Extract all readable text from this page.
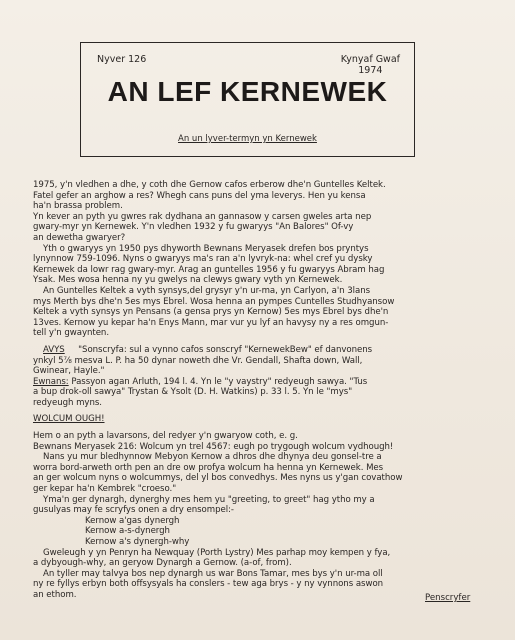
Nyver 126	Kynyaf Gwaf
1974
AN LEF KERNEWEK
An un lyver-termyn yn Kernewek
1975, y'n vledhen a dhe, y coth dhe Gernow cafos erberow dhe'n Guntelles Keltek.
Fatel gefer an arghow a res? Whegh cans puns del yma leverys. Hen yu kensa
ha'n brassa problem.
Yn kever an pyth yu gwres rak dydhana an gannasow y carsen gweles arta nep
gwary-myr yn Kernewek. Y'n vledhen 1932 y fu gwaryys "An Balores" Of-vy
an dewetha gwaryer?
Yth o gwaryys yn 1950 pys dhyworth Bewnans Meryasek drefen bos pryntys
lynynnow 759-1096. Nyns o gwaryys ma's ran a'n lyvryk-na: whel cref yu dysky
Kernewek da lowr rag gwary-myr. Arag an guntelles 1956 y fu gwaryys Abram hag
Ysak. Mes wosa henna ny yu gwelys na clewys gwary vyth yn Kernewek.
An Guntelles Keltek a vyth synsys,del grysyr y'n ur-ma, yn Carlyon, a'n 3lans
mys Merth bys dhe'n 5es mys Ebrel. Wosa henna an pympes Cuntelles Studhyansow
Keltek a vyth synsys yn Pensans (a gensa prys yn Kernow) 5es mys Ebrel bys dhe'n
13ves. Kernow yu kepar ha'n Enys Mann, mar vur yu lyf an havysy ny a res omgun-
tell y'n gwaynten.
AVYS "Sonscryfa: sul a vynno cafos sonscryf "KernewekBew" ef danvonens
ynkyl 5⅞ mesva L. P. ha 50 dynar noweth dhe Vr. Gendall, Shafta down, Wall,
Gwinear, Hayle."
Ewnans: Passyon agan Arluth, 194 l. 4. Yn le "y vaystry" redyeugh sawya. "Tus
a bup drok-oll sawya" Trystan & Ysolt (D. H. Watkins) p. 33 l. 5. Yn le "mys"
redyeugh myns.
WOLCUM OUGH!
Hem o an pyth a lavarsons, del redyer y'n gwaryow coth, e. g.
Bewnans Meryasek 216: Wolcum yn trel 4567: eugh po trygough wolcum vydhough!
Nans yu mur bledhynnow Mebyon Kernow a dhros dhe dhynya deu gonsel-tre a
worra bord-arweth orth pen an dre ow profya wolcum ha henna yn Kernewek. Mes
an ger wolcum nyns o wolcummys, del yl bos convedhys. Mes nyns us y'gan covathow
ger kepar ha'n Kembrek "croeso."
Yma'n ger dynargh, dynerghy mes hem yu "greeting, to greet" hag ytho my a
gusulyas may fe scryfys onen a dry ensompel:-
Kernow a'gas dynergh
Kernow a-s-dynergh
Kernow a's dynergh-why
Gweleugh y yn Penryn ha Newquay (Porth Lystry) Mes parhap moy kempen y fya,
a dybyough-why, an geryow Dynargh a Gernow. (a-of, from).
An tyller may talvya bos nep dynargh us war Bons Tamar, mes bys y'n ur-ma oll
ny re fyllys erbyn both offsysyals ha conslers - tew aga brys - y ny vynnons aswon
an ethom.	Penscryfer
